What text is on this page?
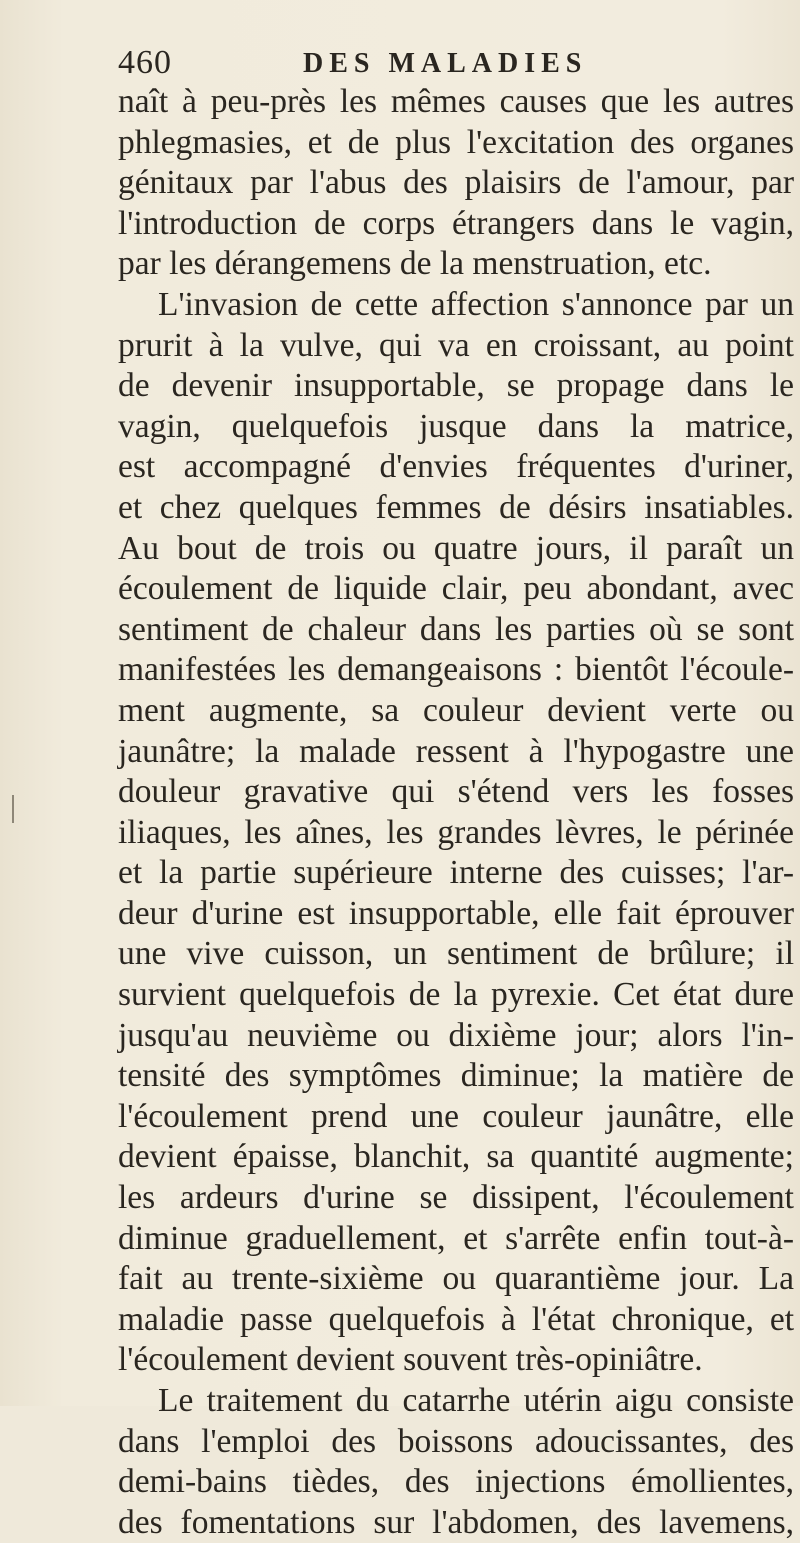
460	DES MALADIES
naît à peu-près les mêmes causes que les autres
phlegmasies, et de plus l'excitation des organes
génitaux par l'abus des plaisirs de l'amour, par
l'introduction de corps étrangers dans le vagin,
par les dérangemens de la menstruation, etc.
L'invasion de cette affection s'annonce par un
prurit à la vulve, qui va en croissant, au point
de devenir insupportable, se propage dans le
vagin, quelquefois jusque dans la matrice,
est accompagné d'envies fréquentes d'uriner,
et chez quelques femmes de désirs insatiables.
Au bout de trois ou quatre jours, il paraît un
écoulement de liquide clair, peu abondant, avec
sentiment de chaleur dans les parties où se sont
manifestées les demangeaisons : bientôt l'écoule-
ment augmente, sa couleur devient verte ou
jaunâtre; la malade ressent à l'hypogastre une
douleur gravative qui s'étend vers les fosses
iliaques, les aînes, les grandes lèvres, le périnée
et la partie supérieure interne des cuisses; l'ar-
deur d'urine est insupportable, elle fait éprouver
une vive cuisson, un sentiment de brûlure; il
survient quelquefois de la pyrexie. Cet état dure
jusqu'au neuvième ou dixième jour; alors l'in-
tensité des symptômes diminue; la matière de
l'écoulement prend une couleur jaunâtre, elle
devient épaisse, blanchit, sa quantité augmente;
les ardeurs d'urine se dissipent, l'écoulement
diminue graduellement, et s'arrête enfin tout-à-
fait au trente-sixième ou quarantième jour. La
maladie passe quelquefois à l'état chronique, et
l'écoulement devient souvent très-opiniâtre.
Le traitement du catarrhe utérin aigu consiste
dans l'emploi des boissons adoucissantes, des
demi-bains tièdes, des injections émollientes,
des fomentations sur l'abdomen, des lavemens,
